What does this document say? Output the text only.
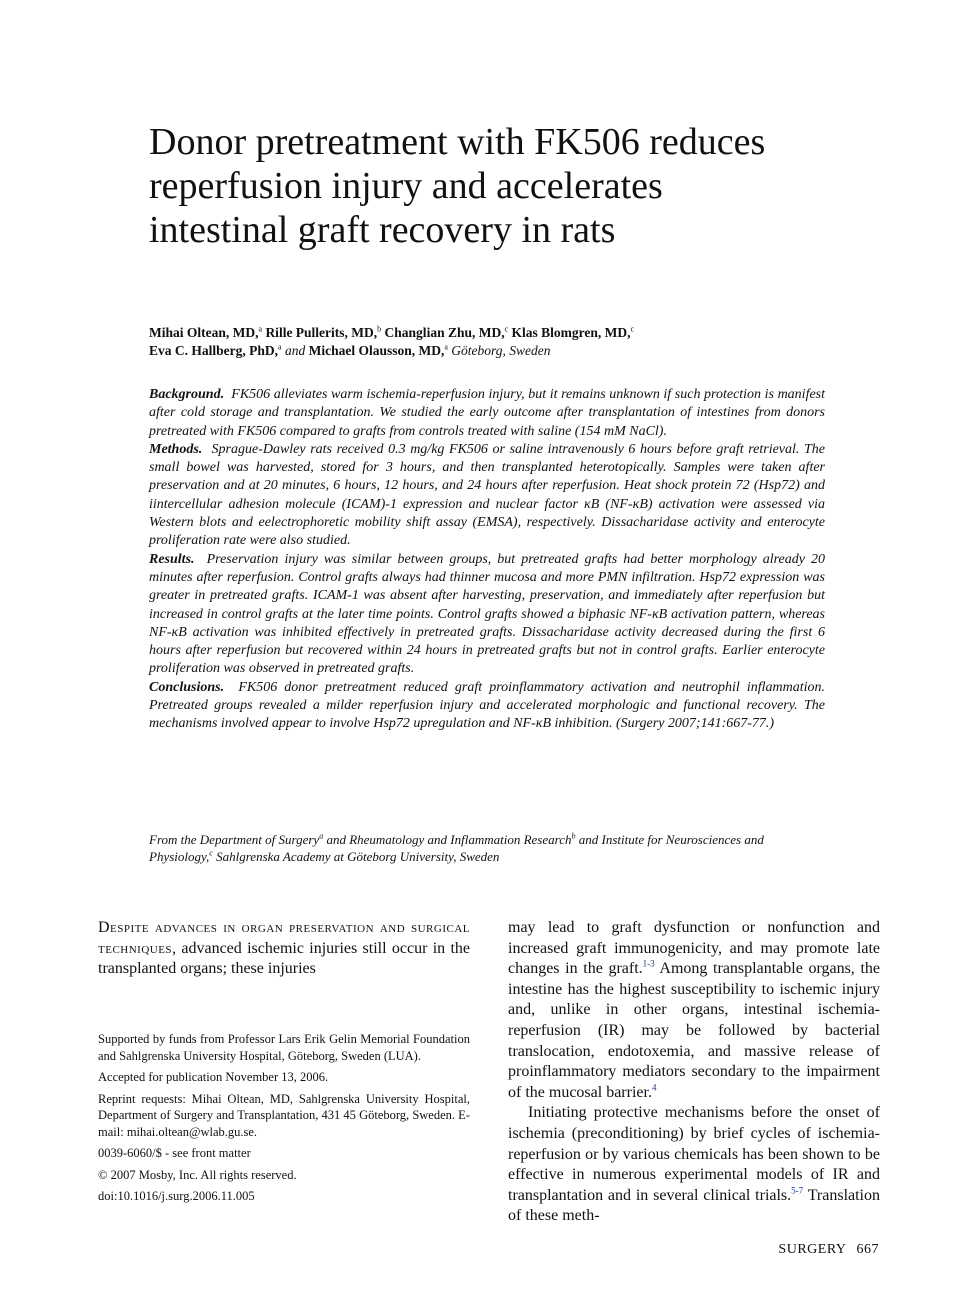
Donor pretreatment with FK506 reduces reperfusion injury and accelerates intestinal graft recovery in rats
Mihai Oltean, MD,$^a$ Rille Pullerits, MD,$^b$ Changlian Zhu, MD,$^c$ Klas Blomgren, MD,$^c$
Eva C. Hallberg, PhD,$^a$ and Michael Olausson, MD,$^a$ Göteborg, Sweden

Background. FK506 alleviates warm ischemia-reperfusion injury, but it remains unknown if such protection is manifest after cold storage and transplantation. We studied the early outcome after transplantation of intestines from donors pretreated with FK506 compared to grafts from controls treated with saline (154 mM NaCl).

Methods. Sprague-Dawley rats received 0.3 mg/kg FK506 or saline intravenously 6 hours before graft retrieval. The small bowel was harvested, stored for 3 hours, and then transplanted heterotopically. Samples were taken after preservation and at 20 minutes, 6 hours, 12 hours, and 24 hours after reperfusion. Heat shock protein 72 (Hsp72) and iintercellular adhesion molecule (ICAM)-1 expression and nuclear factor κB (NF-κB) activation were assessed via Western blots and eelectrophoretic mobility shift assay (EMSA), respectively. Dissacharidase activity and enterocyte proliferation rate were also studied.

Results. Preservation injury was similar between groups, but pretreated grafts had better morphology already 20 minutes after reperfusion. Control grafts always had thinner mucosa and more PMN infiltration. Hsp72 expression was greater in pretreated grafts. ICAM-1 was absent after harvesting, preservation, and immediately after reperfusion but increased in control grafts at the later time points. Control grafts showed a biphasic NF-κB activation pattern, whereas NF-κB activation was inhibited effectively in pretreated grafts. Dissacharidase activity decreased during the first 6 hours after reperfusion but recovered within 24 hours in pretreated grafts but not in control grafts. Earlier enterocyte proliferation was observed in pretreated grafts.

Conclusions. FK506 donor pretreatment reduced graft proinflammatory activation and neutrophil inflammation. Pretreated groups revealed a milder reperfusion injury and accelerated morphologic and functional recovery. The mechanisms involved appear to involve Hsp72 upregulation and NF-κB inhibition. (Surgery 2007;141:667-77.)

From the Department of Surgery$^a$ and Rheumatology and Inflammation Research$^b$ and Institute for Neurosciences and Physiology,$^c$ Sahlgrenska Academy at Göteborg University, Sweden

Despite advances in organ preservation and surgical techniques, advanced ischemic injuries still occur in the transplanted organs; these injuries

Supported by funds from Professor Lars Erik Gelin Memorial Foundation and Sahlgrenska University Hospital, Göteborg, Sweden (LUA).

Accepted for publication November 13, 2006.

Reprint requests: Mihai Oltean, MD, Sahlgrenska University Hospital, Department of Surgery and Transplantation, 431 45 Göteborg, Sweden. E-mail: mihai.oltean@wlab.gu.se.

0039-6060/$ - see front matter

© 2007 Mosby, Inc. All rights reserved.

doi:10.1016/j.surg.2006.11.005

may lead to graft dysfunction or nonfunction and increased graft immunogenicity, and may promote late changes in the graft.$^{1-3}$ Among transplantable organs, the intestine has the highest susceptibility to ischemic injury and, unlike in other organs, intestinal ischemia-reperfusion (IR) may be followed by bacterial translocation, endotoxemia, and massive release of proinflammatory mediators secondary to the impairment of the mucosal barrier.$^4$

Initiating protective mechanisms before the onset of ischemia (preconditioning) by brief cycles of ischemia-reperfusion or by various chemicals has been shown to be effective in numerous experimental models of IR and transplantation and in several clinical trials.$^{5-7}$ Translation of these meth-

SURGERY 667
